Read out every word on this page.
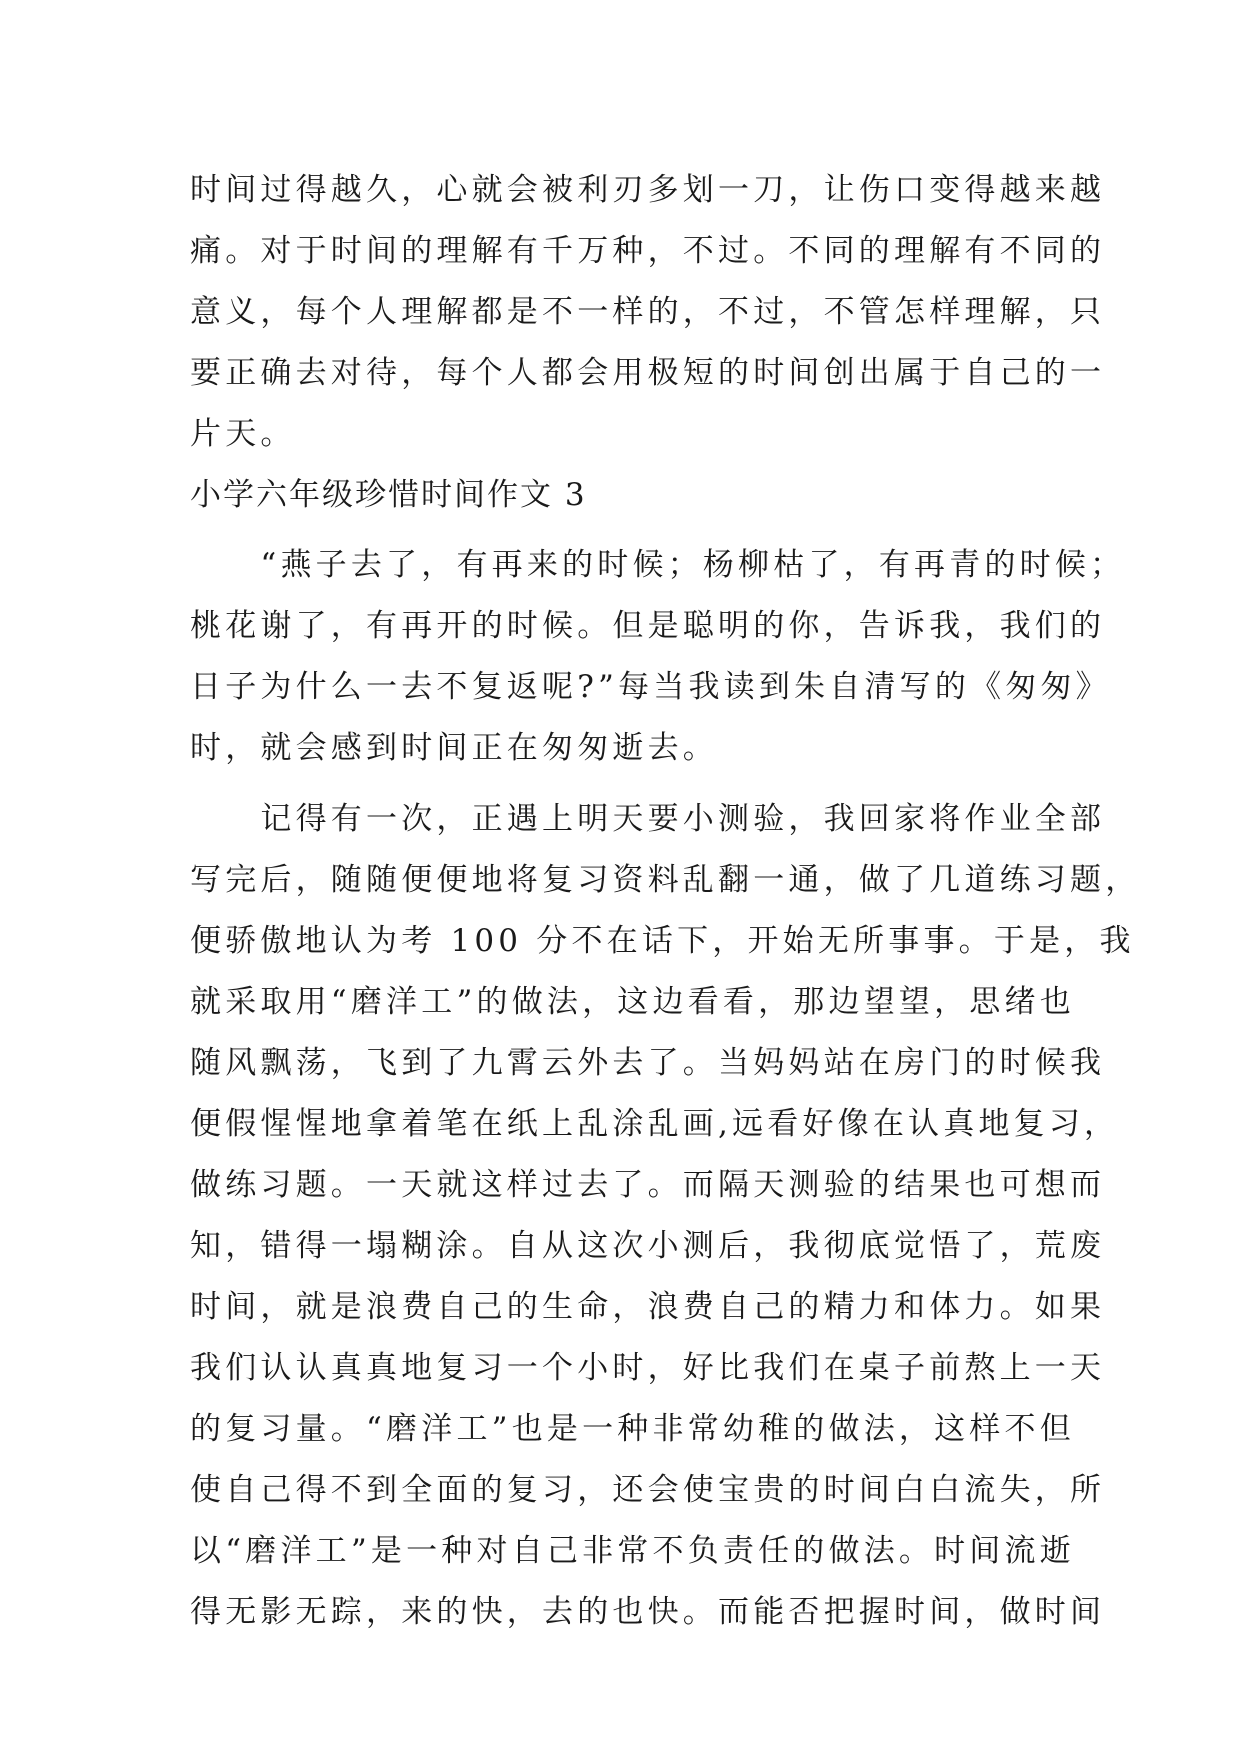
时间过得越久，心就会被利刃多划一刀，让伤口变得越来越
痛。对于时间的理解有千万种，不过。不同的理解有不同的
意义，每个人理解都是不一样的，不过，不管怎样理解，只
要正确去对待，每个人都会用极短的时间创出属于自己的一
片天。
小学六年级珍惜时间作文 3
　　“燕子去了，有再来的时候；杨柳枯了，有再青的时候；
桃花谢了，有再开的时候。但是聪明的你，告诉我，我们的
日子为什么一去不复返呢?”每当我读到朱自清写的《匆匆》
时，就会感到时间正在匆匆逝去。
　　记得有一次，正遇上明天要小测验，我回家将作业全部
写完后，随随便便地将复习资料乱翻一通，做了几道练习题，
便骄傲地认为考 100 分不在话下，开始无所事事。于是，我
就采取用“磨洋工”的做法，这边看看，那边望望，思绪也
随风飘荡，飞到了九霄云外去了。当妈妈站在房门的时候我
便假惺惺地拿着笔在纸上乱涂乱画,远看好像在认真地复习，
做练习题。一天就这样过去了。而隔天测验的结果也可想而
知，错得一塌糊涂。自从这次小测后，我彻底觉悟了，荒废
时间，就是浪费自己的生命，浪费自己的精力和体力。如果
我们认认真真地复习一个小时，好比我们在桌子前熬上一天
的复习量。“磨洋工”也是一种非常幼稚的做法，这样不但
使自己得不到全面的复习，还会使宝贵的时间白白流失，所
以“磨洋工”是一种对自己非常不负责任的做法。时间流逝
得无影无踪，来的快，去的也快。而能否把握时间，做时间
